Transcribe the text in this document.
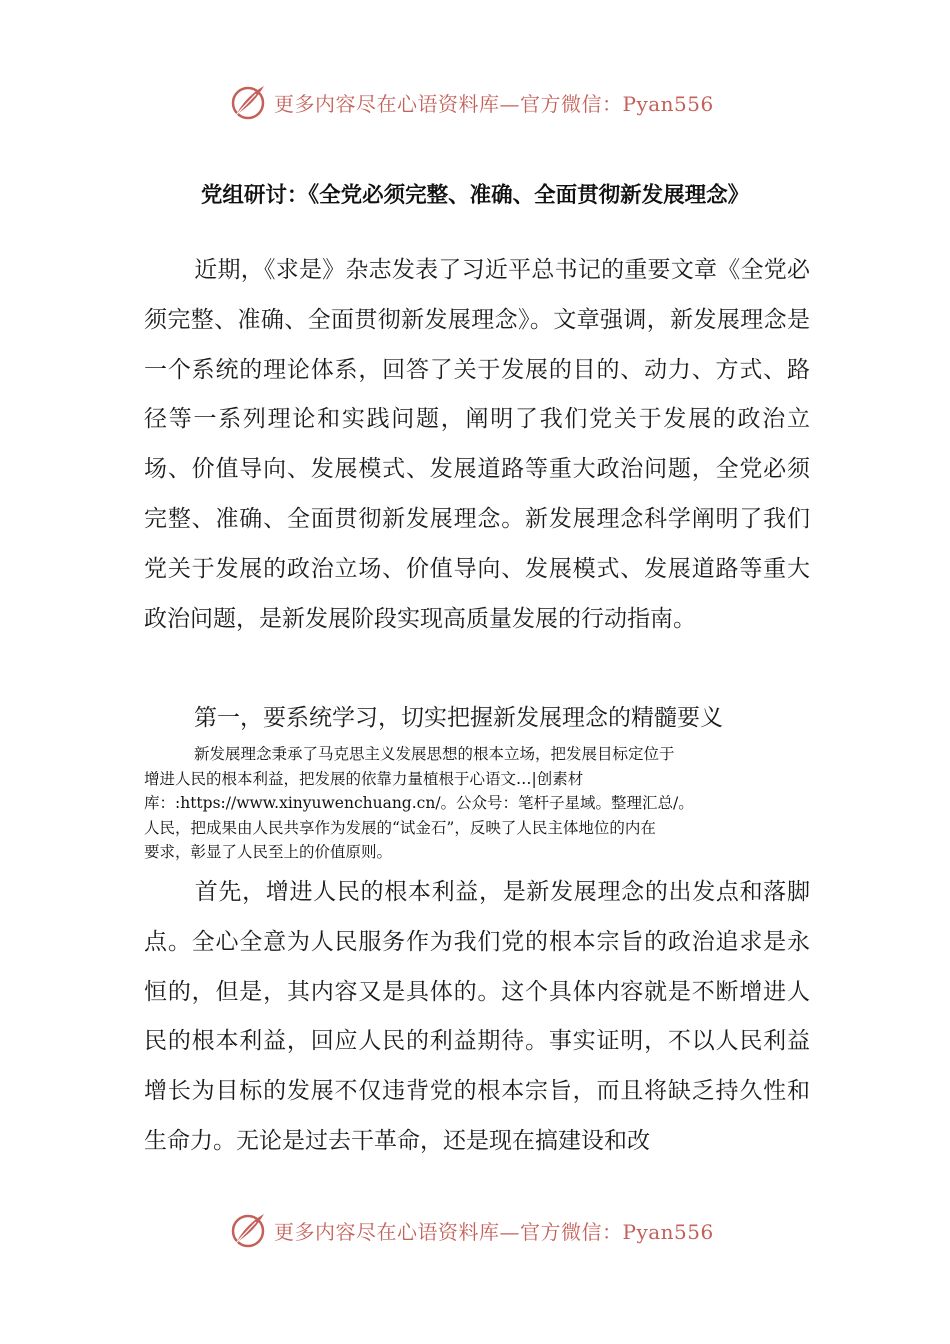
更多内容尽在心语资料库—官方微信：Pyan556
党组研讨：《全党必须完整、准确、全面贯彻新发展理念》

近期，《求是》杂志发表了习近平总书记的重要文章《全党必须完整、准确、全面贯彻新发展理念》。文章强调，新发展理念是一个系统的理论体系，回答了关于发展的目的、动力、方式、路径等一系列理论和实践问题，阐明了我们党关于发展的政治立场、价值导向、发展模式、发展道路等重大政治问题，全党必须完整、准确、全面贯彻新发展理念。新发展理念科学阐明了我们党关于发展的政治立场、价值导向、发展模式、发展道路等重大政治问题，是新发展阶段实现高质量发展的行动指南。

第一，要系统学习，切实把握新发展理念的精髓要义

新发展理念秉承了马克思主义发展思想的根本立场，把发展目标定位于
增进人民的根本利益，把发展的依靠力量植根于心语文…|创素材
库：:https://www.xinyuwenchuang.cn/。公众号：笔杆子星域。整理汇总/。
人民，把成果由人民共享作为发展的“试金石”，反映了人民主体地位的内在
要求，彰显了人民至上的价值原则。

首先，增进人民的根本利益，是新发展理念的出发点和落脚点。全心全意为人民服务作为我们党的根本宗旨的政治追求是永恒的，但是，其内容又是具体的。这个具体内容就是不断增进人民的根本利益，回应人民的利益期待。事实证明，不以人民利益增长为目标的发展不仅违背党的根本宗旨，而且将缺乏持久性和生命力。无论是过去干革命，还是现在搞建设和改

更多内容尽在心语资料库—官方微信：Pyan556
